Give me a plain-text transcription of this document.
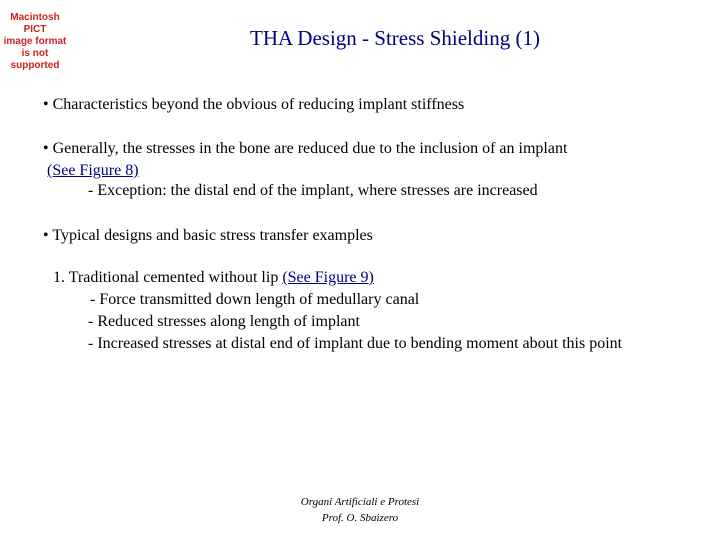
Macintosh PICT
image format
is not supported
THA Design - Stress Shielding (1)
• Characteristics beyond the obvious of reducing implant stiffness
• Generally, the stresses in the bone are reduced due to the inclusion of an implant
(See Figure 8)
- Exception: the distal end of the implant, where stresses are increased
• Typical designs and basic stress transfer examples
1. Traditional cemented without lip (See Figure 9)
- Force transmitted down length of medullary canal
- Reduced stresses along length of implant
- Increased stresses at distal end of implant due to bending moment about this point
Organi Artificiali e Protesi
Prof. O. Sbaizero
